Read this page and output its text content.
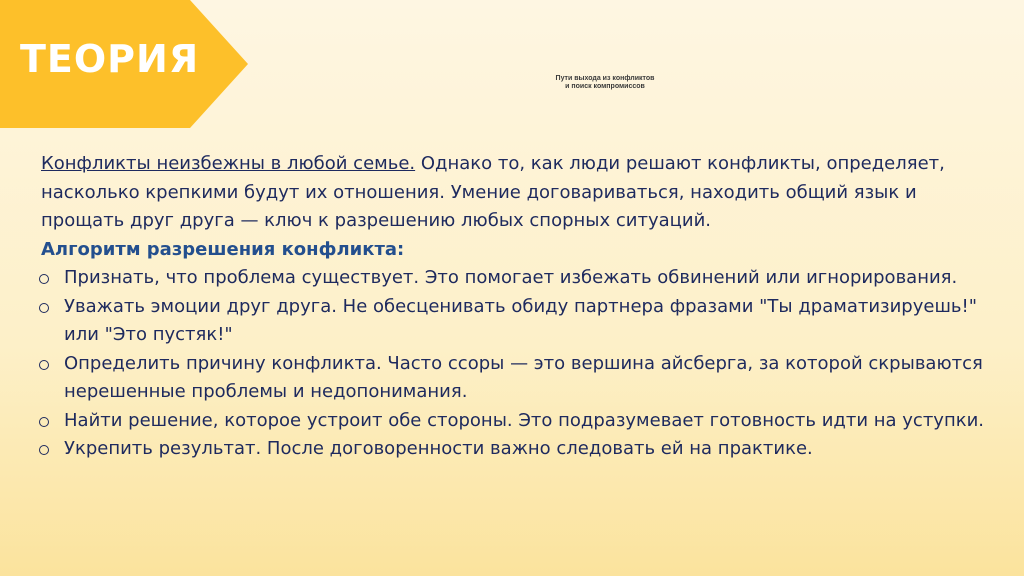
ТЕОРИЯ	Пути выхода из конфликтов
и поиск компромиссов
Конфликты неизбежны в любой семье. Однако то, как люди решают конфликты, определяет, насколько крепкими будут их отношения. Умение договариваться, находить общий язык и прощать друг друга — ключ к разрешению любых спорных ситуаций.
Алгоритм разрешения конфликта:
Признать, что проблема существует. Это помогает избежать обвинений или игнорирования.
Уважать эмоции друг друга. Не обесценивать обиду партнера фразами "Ты драматизируешь!" или "Это пустяк!"
Определить причину конфликта. Часто ссоры — это вершина айсберга, за которой скрываются нерешенные проблемы и недопонимания.
Найти решение, которое устроит обе стороны. Это подразумевает готовность идти на уступки.
Укрепить результат. После договоренности важно следовать ей на практике.
